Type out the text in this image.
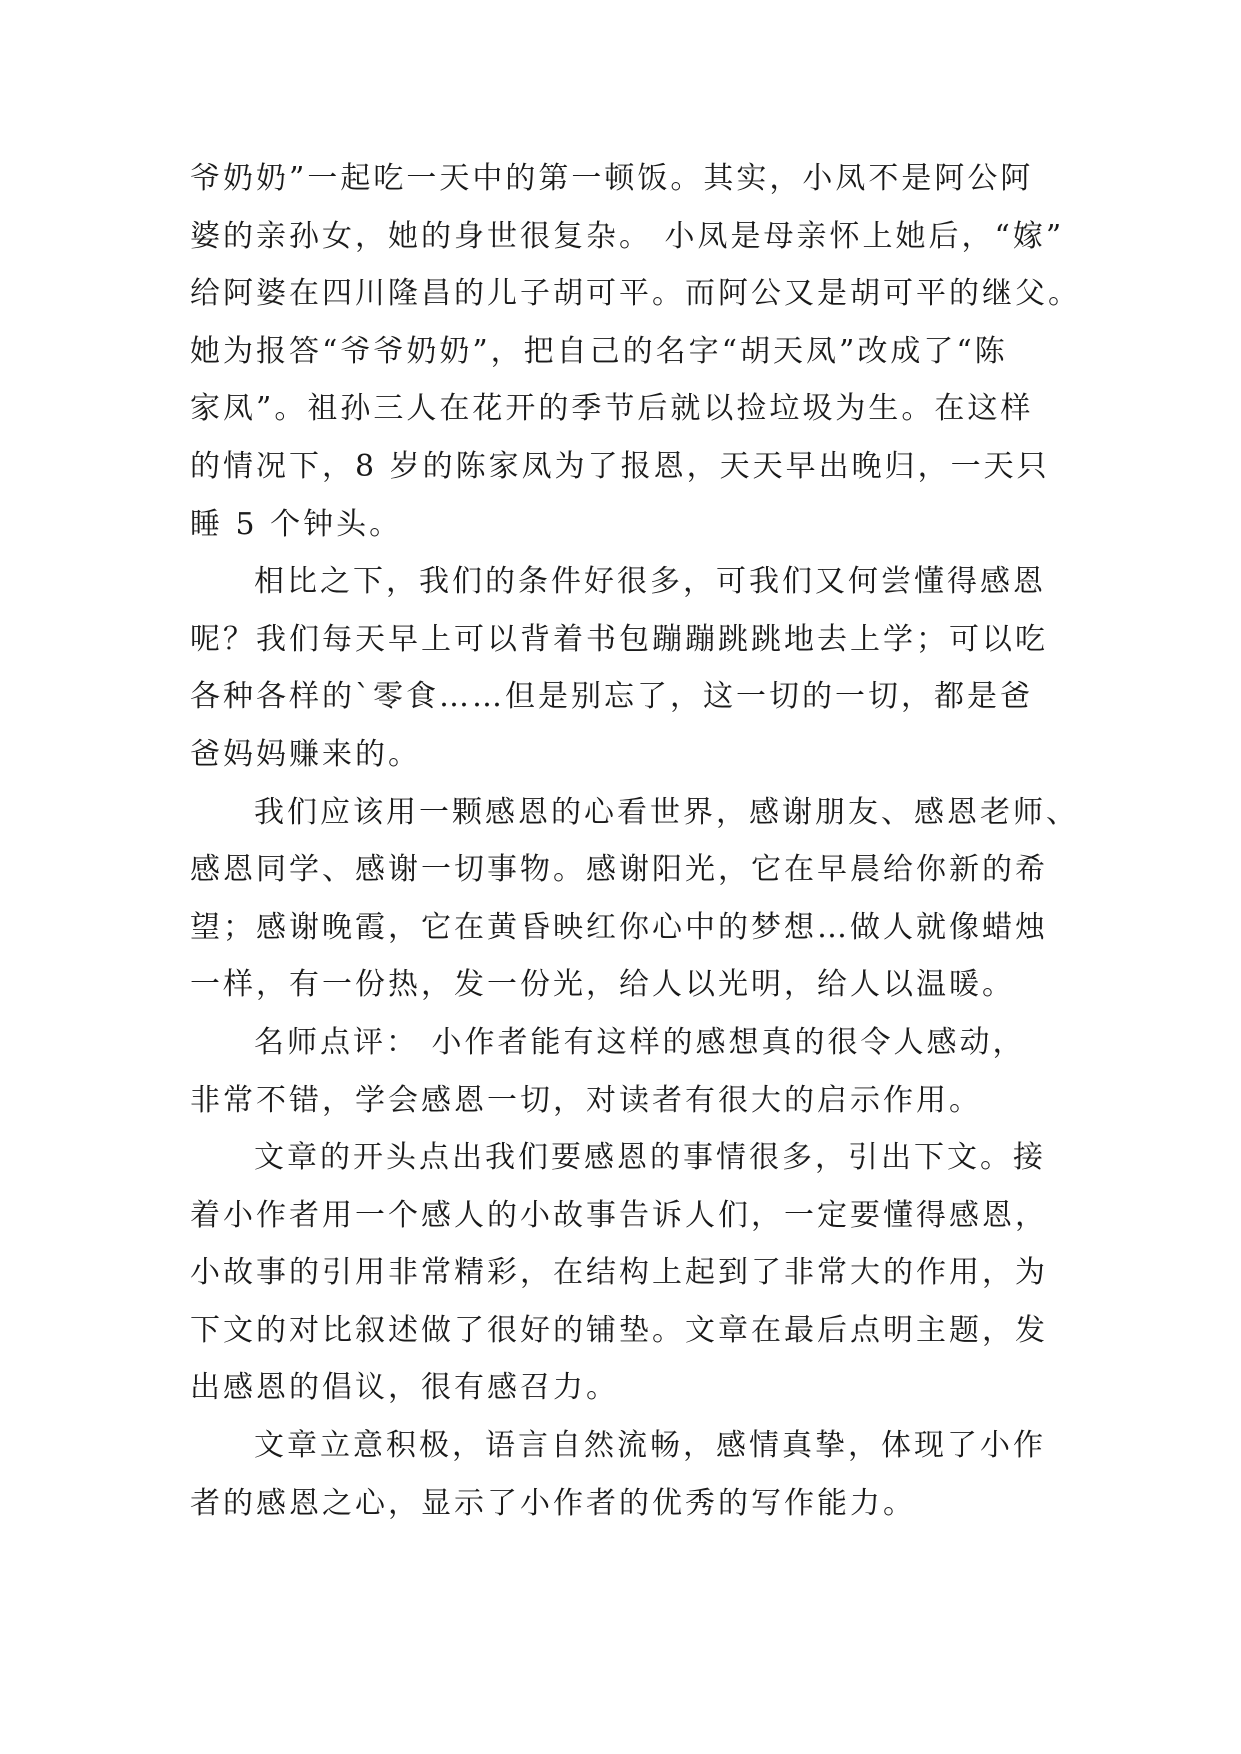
爷奶奶”一起吃一天中的第一顿饭。其实，小凤不是阿公阿
婆的亲孙女，她的身世很复杂。 小凤是母亲怀上她后，“嫁”
给阿婆在四川隆昌的儿子胡可平。而阿公又是胡可平的继父。
她为报答“爷爷奶奶”，把自己的名字“胡天凤”改成了“陈
家凤”。祖孙三人在花开的季节后就以捡垃圾为生。在这样
的情况下，8 岁的陈家凤为了报恩，天天早出晚归，一天只
睡 5 个钟头。
相比之下，我们的条件好很多，可我们又何尝懂得感恩
呢？我们每天早上可以背着书包蹦蹦跳跳地去上学；可以吃
各种各样的`零食……但是别忘了，这一切的一切，都是爸
爸妈妈赚来的。
我们应该用一颗感恩的心看世界，感谢朋友、感恩老师、
感恩同学、感谢一切事物。感谢阳光，它在早晨给你新的希
望；感谢晚霞，它在黄昏映红你心中的梦想…做人就像蜡烛
一样，有一份热，发一份光，给人以光明，给人以温暖。
名师点评： 小作者能有这样的感想真的很令人感动，
非常不错，学会感恩一切，对读者有很大的启示作用。
文章的开头点出我们要感恩的事情很多，引出下文。接
着小作者用一个感人的小故事告诉人们，一定要懂得感恩，
小故事的引用非常精彩，在结构上起到了非常大的作用，为
下文的对比叙述做了很好的铺垫。文章在最后点明主题，发
出感恩的倡议，很有感召力。
文章立意积极，语言自然流畅，感情真挚，体现了小作
者的感恩之心，显示了小作者的优秀的写作能力。
